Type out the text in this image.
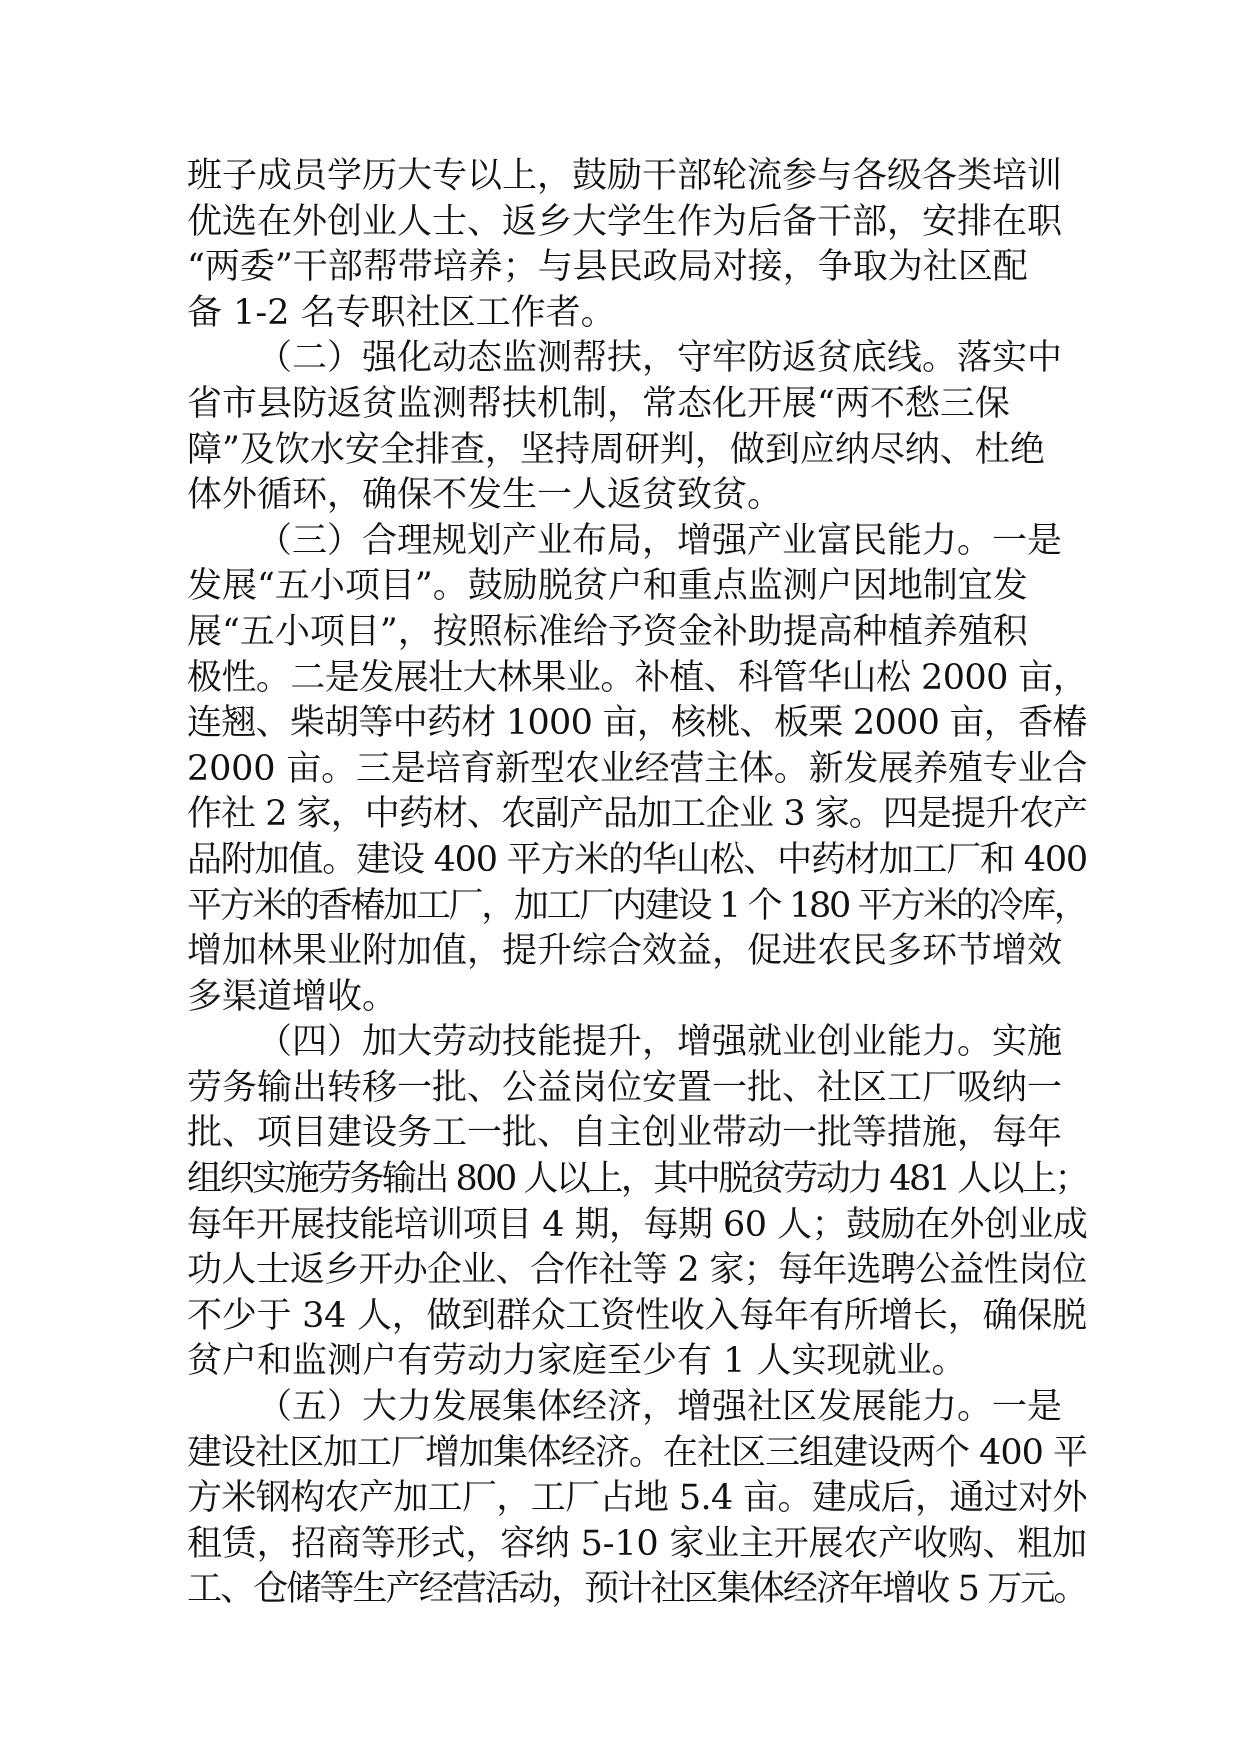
班子成员学历大专以上，鼓励干部轮流参与各级各类培训
优选在外创业人士、返乡大学生作为后备干部，安排在职
“两委”干部帮带培养；与县民政局对接，争取为社区配
备 1-2 名专职社区工作者。
（二）强化动态监测帮扶，守牢防返贫底线。落实中
省市县防返贫监测帮扶机制，常态化开展“两不愁三保
障”及饮水安全排查，坚持周研判，做到应纳尽纳、杜绝
体外循环，确保不发生一人返贫致贫。
（三）合理规划产业布局，增强产业富民能力。一是
发展“五小项目”。鼓励脱贫户和重点监测户因地制宜发
展“五小项目”，按照标准给予资金补助提高种植养殖积
极性。二是发展壮大林果业。补植、科管华山松 2000 亩，
连翘、柴胡等中药材 1000 亩，核桃、板栗 2000 亩，香椿
2000 亩。三是培育新型农业经营主体。新发展养殖专业合
作社 2 家，中药材、农副产品加工企业 3 家。四是提升农产
品附加值。建设 400 平方米的华山松、中药材加工厂和 400
平方米的香椿加工厂，加工厂内建设 1 个 180 平方米的冷库，
增加林果业附加值，提升综合效益，促进农民多环节增效
多渠道增收。
（四）加大劳动技能提升，增强就业创业能力。实施
劳务输出转移一批、公益岗位安置一批、社区工厂吸纳一
批、项目建设务工一批、自主创业带动一批等措施，每年
组织实施劳务输出 800 人以上，其中脱贫劳动力 481 人以上；
每年开展技能培训项目 4 期，每期 60 人；鼓励在外创业成
功人士返乡开办企业、合作社等 2 家；每年选聘公益性岗位
不少于 34 人，做到群众工资性收入每年有所增长，确保脱
贫户和监测户有劳动力家庭至少有 1 人实现就业。
（五）大力发展集体经济，增强社区发展能力。一是
建设社区加工厂增加集体经济。在社区三组建设两个 400 平
方米钢构农产加工厂，工厂占地 5.4 亩。建成后，通过对外
租赁，招商等形式，容纳 5-10 家业主开展农产收购、粗加
工、仓储等生产经营活动，预计社区集体经济年增收 5 万元。
